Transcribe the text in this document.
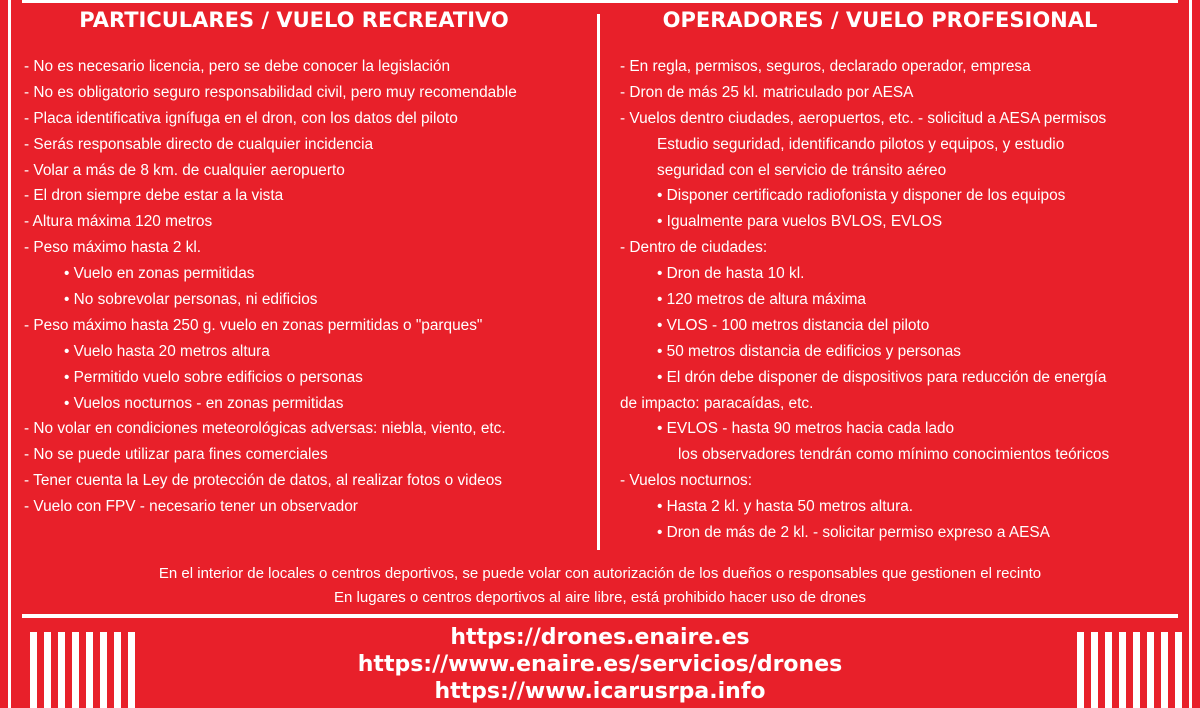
PARTICULARES / VUELO RECREATIVO
- No es necesario licencia, pero se debe conocer la legislación
- No es obligatorio seguro responsabilidad civil, pero muy recomendable
- Placa identificativa ignífuga en el dron, con los datos del piloto
- Serás responsable directo de cualquier incidencia
- Volar a más de 8 km. de cualquier aeropuerto
- El dron siempre debe estar a la vista
- Altura máxima 120 metros
- Peso máximo hasta 2 kl.
• Vuelo en zonas permitidas
• No sobrevolar personas, ni edificios
- Peso máximo hasta 250 g. vuelo en zonas permitidas o "parques"
• Vuelo hasta 20 metros altura
• Permitido vuelo sobre edificios o personas
• Vuelos nocturnos - en zonas permitidas
- No volar en condiciones meteorológicas adversas: niebla, viento, etc.
- No se puede utilizar para fines comerciales
- Tener cuenta la Ley de protección de datos, al realizar fotos o videos
- Vuelo con FPV - necesario tener un observador
OPERADORES / VUELO PROFESIONAL
- En regla, permisos, seguros, declarado operador, empresa
- Dron de más 25 kl. matriculado por AESA
- Vuelos dentro ciudades, aeropuertos, etc. - solicitud a AESA permisos
Estudio seguridad, identificando pilotos y equipos, y estudio
seguridad con el servicio de tránsito aéreo
• Disponer certificado radiofonista y disponer de los equipos
• Igualmente para vuelos BVLOS, EVLOS
- Dentro de ciudades:
• Dron de hasta 10 kl.
• 120 metros de altura máxima
• VLOS - 100 metros distancia del piloto
• 50 metros distancia de edificios y personas
• El drón debe disponer de dispositivos para reducción de energía
de impacto: paracaídas, etc.
• EVLOS - hasta 90 metros hacia cada lado
los observadores tendrán como mínimo conocimientos teóricos
- Vuelos nocturnos:
• Hasta 2 kl. y hasta 50 metros altura.
• Dron de más de 2 kl. - solicitar permiso expreso a AESA
En el interior de locales o centros deportivos, se puede volar con autorización de los dueños o responsables que gestionen el recinto
En lugares o centros deportivos al aire libre, está prohibido hacer uso de drones
https://drones.enaire.es
https://www.enaire.es/servicios/drones
https://www.icarusrpa.info
